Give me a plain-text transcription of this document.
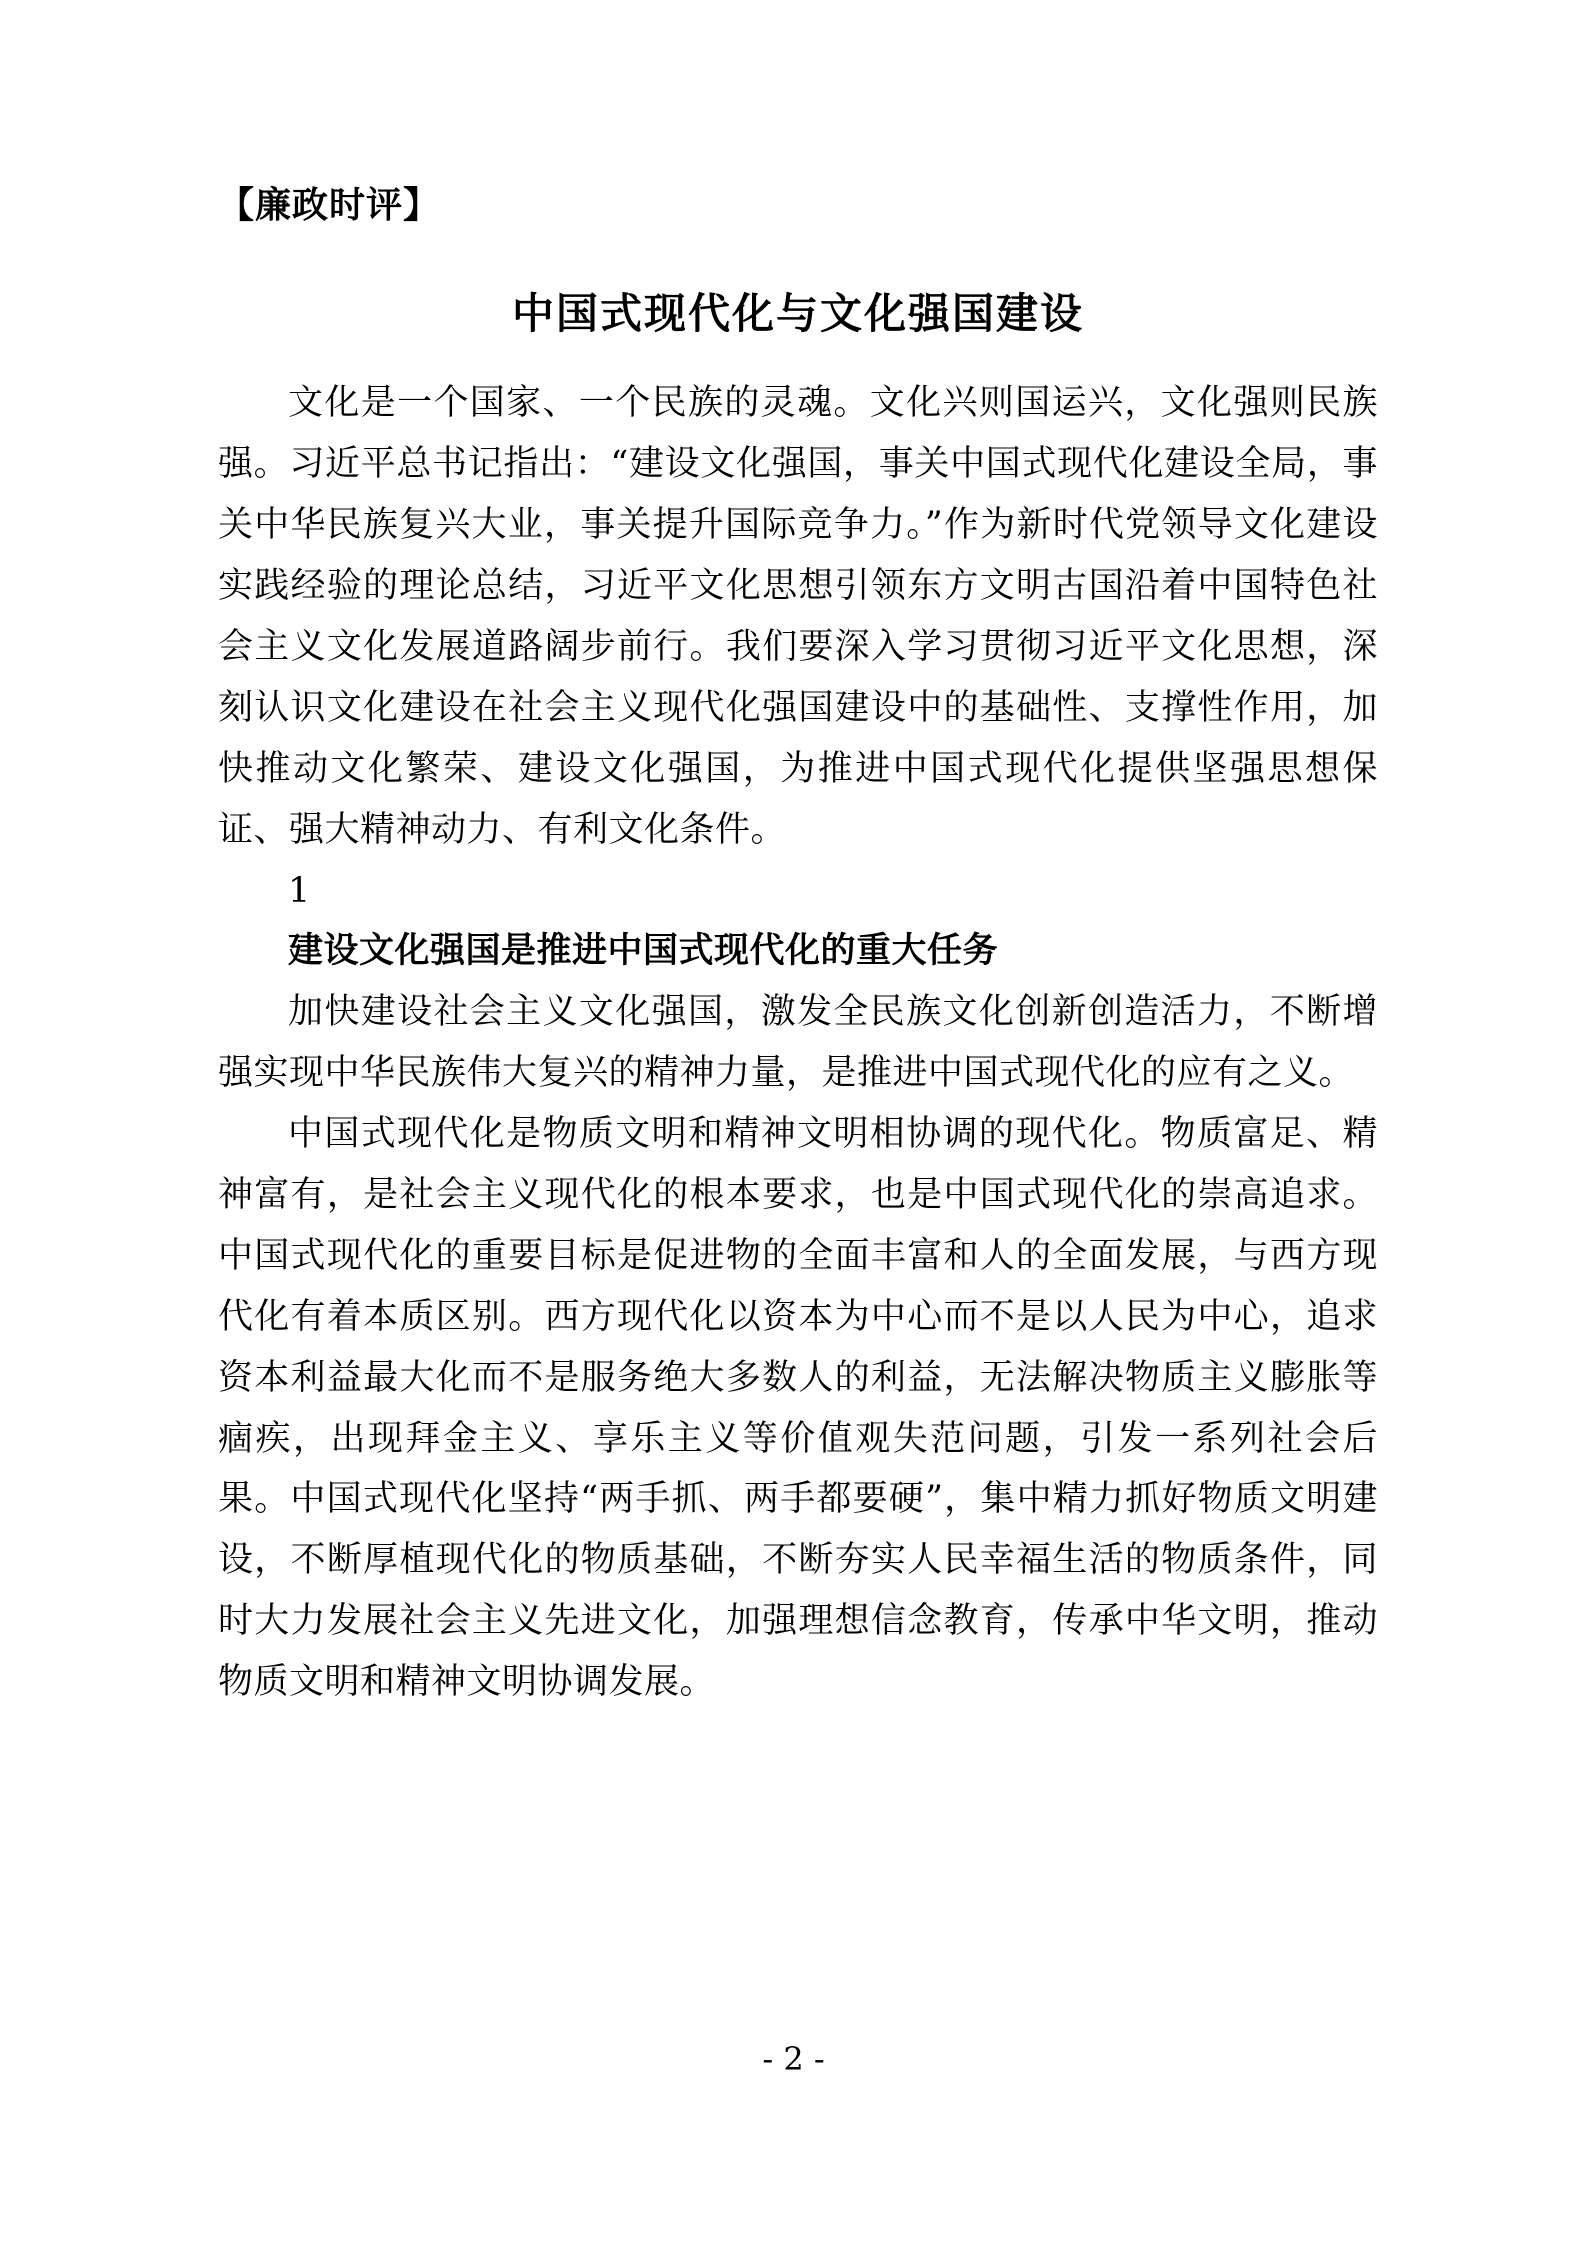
【廉政时评】
中国式现代化与文化强国建设

文化是一个国家、一个民族的灵魂。文化兴则国运兴，文化强则民族强。习近平总书记指出：“建设文化强国，事关中国式现代化建设全局，事关中华民族复兴大业，事关提升国际竞争力。”作为新时代党领导文化建设实践经验的理论总结，习近平文化思想引领东方文明古国沿着中国特色社会主义文化发展道路阔步前行。我们要深入学习贯彻习近平文化思想，深刻认识文化建设在社会主义现代化强国建设中的基础性、支撑性作用，加快推动文化繁荣、建设文化强国，为推进中国式现代化提供坚强思想保证、强大精神动力、有利文化条件。

1
建设文化强国是推进中国式现代化的重大任务

加快建设社会主义文化强国，激发全民族文化创新创造活力，不断增强实现中华民族伟大复兴的精神力量，是推进中国式现代化的应有之义。

中国式现代化是物质文明和精神文明相协调的现代化。物质富足、精神富有，是社会主义现代化的根本要求，也是中国式现代化的崇高追求。中国式现代化的重要目标是促进物的全面丰富和人的全面发展，与西方现代化有着本质区别。西方现代化以资本为中心而不是以人民为中心，追求资本利益最大化而不是服务绝大多数人的利益，无法解决物质主义膨胀等痼疾，出现拜金主义、享乐主义等价值观失范问题，引发一系列社会后果。中国式现代化坚持“两手抓、两手都要硬”，集中精力抓好物质文明建设，不断厚植现代化的物质基础，不断夯实人民幸福生活的物质条件，同时大力发展社会主义先进文化，加强理想信念教育，传承中华文明，推动物质文明和精神文明协调发展。

- 2 -
